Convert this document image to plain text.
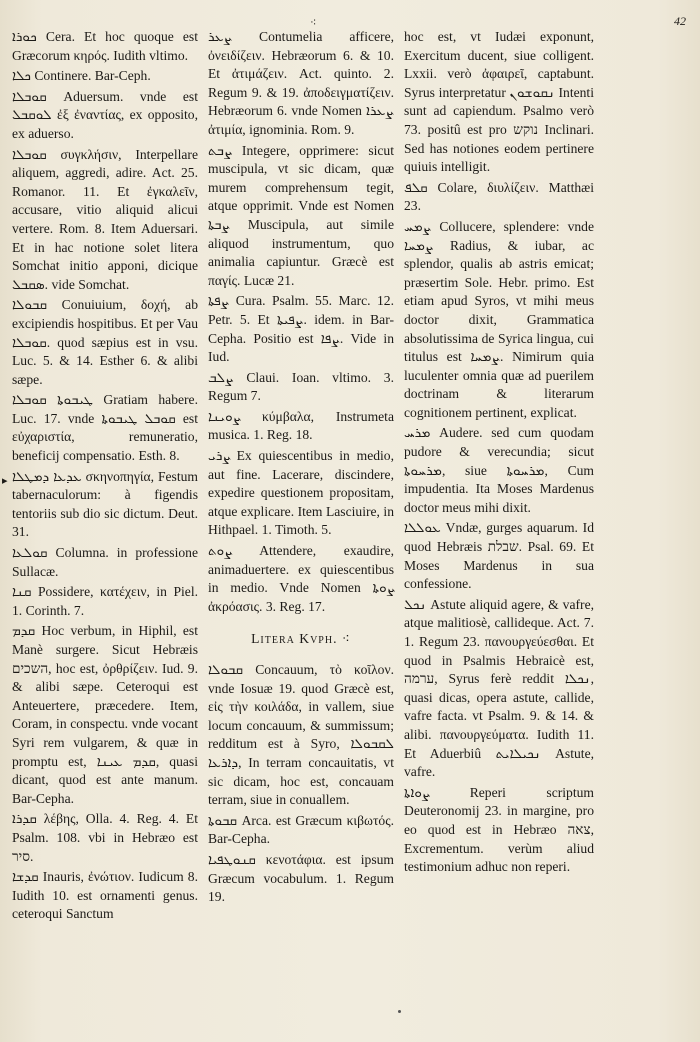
42
⁖
▸

ܟܘܪܐ Cera. Et hoc quoque est Græcorum κηρός. Iudith vltimo.

ܟܠܐ Continere. Bar-Ceph.

ܩܘܒܠܐ Aduersum. vnde est ܠܘܩܒܠ ἐξ ἐναντίας, ex opposito, ex aduerso.

ܩܘܒܠܐ συγκλήσιν, Interpellare aliquem, aggredi, adire. Act. 25. Romanor. 11. Et ἐγκαλεῖν, accusare, vitio aliquid alicui vertere. Rom. 8. Item Aduersari. Et in hac notione solet litera Somchat initio apponi, dicique ܣܩܒܠ. vide Somchat.

ܩܒܘܠܐ Conuiuium, δοχή, ab excipiendis hospitibus. Et per Vau ܩܘܒܠܐ. quod sæpius est in vsu. Luc. 5. & 14. Esther 6. & alibi sæpe.

ܛܝܒܘܬܐ ܩܘܒܠܐ Gratiam habere. Luc. 17. vnde ܩܘܒܠ ܛܝܒܘܬܐ est εὐχαριστία, remuneratio, beneficij compensatio. Esth. 8.

ܥܕܥܐ ܕܡܛܠܐ σκηνοπηγία, Festum tabernaculorum: à figendis tentoriis sub dio sic dictum. Deut. 31.

ܩܘܠܥܐ Columna. in professione Sullacæ.

ܩܢܐ Possidere, κατέχειν, in Piel. 1. Corinth. 7.

ܩܕܡ Hoc verbum, in Hiphil, est Manè surgere. Sicut Hebræis השכים, hoc est, ὀρθρίζειν. Iud. 9. & alibi sæpe. Ceteroqui est Anteuertere, præcedere. Item, Coram, in conspectu. vnde vocant Syri rem vulgarem, & quæ in promptu est, ܩܕܡ ܥܝܢܐ, quasi dicant, quod est ante manum. Bar-Cepha.

ܩܕܪܐ λέβης, Olla. 4. Reg. 4. Et Psalm. 108. vbi in Hebræo est סיר.

ܩܕܫܐ Inauris, ἐνώτιον. Iudicum 8. Iudith 10. est ornamenti genus. ceteroqui Sanctum

ܨܥܪ Contumelia afficere, ὀνειδίζειν. Hebræorum 6. & 10. Et ἀτιμάζειν. Act. quinto. 2. Regum 9. & 19. ἀποδειγματίζειν. Hebræorum 6. vnde Nomen ܨܥܪܐ ἀτιμία, ignominia. Rom. 9.

ܨܒܬ Integere, opprimere: sicut muscipula, vt sic dicam, quæ murem comprehensum tegit, atque opprimit. Vnde est Nomen ܨܒܬܐ Muscipula, aut simile aliquod instrumentum, quo animalia capiuntur. Græcè est παγίς. Lucæ 21.

ܨܦܬܐ Cura. Psalm. 55. Marc. 12. Petr. 5. Et ܨܦܝܬܐ. idem. in Bar-Cepha. Positio est ܨܦܐ. Vide in Iud.

ܨܠܒ Claui. Ioan. vltimo. 3. Regum 7.

ܨܘܝܢܐ κύμβαλα, Instrumeta musica. 1. Reg. 18.

ܨܪܝ Ex quiescentibus in medio, aut fine. Lacerare, discindere, expedire questionem propositam, atque explicare. Item Lasciuire, in Hithpael. 1. Timoth. 5.

ܨܘܬ Attendere, exaudire, animaduertere. ex quiescentibus in medio. Vnde Nomen ܨܘܬܐ ἀκρόασις. 3. Reg. 17.

Litera Kvph. ⁖

ܩܒܘܠܐ Concauum, τὸ κοῖλον. vnde Iosuæ 19. quod Græcè est, εἰς τὴν κοιλάδα, in vallem, siue locum concauum, & summissum; redditum est à Syro, ܠܩܒܘܠܐ ܕܐܪܥܐ, In terram concauitatis, vt sic dicam, hoc est, concauam terram, siue in conuallem.

ܩܒܘܬܐ Arca. est Græcum κιβωτός. Bar-Cepha.

ܩܢܘܛܦܝܐ κενοτάφια. est ipsum Græcum vocabulum. 1. Regum 19.

hoc est, vt Iudæi exponunt, Exercitum ducent, siue colligent. Lxxii. verò ἀφαιρεῖ, captabunt. Syrus interpretatur ܢܩܘܫܘܢ Intenti sunt ad capiendum. Psalmo verò 73. positû est pro נוקש Inclinari. Sed has notiones eodem pertinere quiuis intelligit.

ܩܠܦ Colare, διυλίζειν. Matthæi 23.

ܨܡܚ Collucere, splendere: vnde ܨܡܚܐ Radius, & iubar, ac splendor, qualis ab astris emicat; præsertim Sole. Hebr. primo. Est etiam apud Syros, vt mihi meus doctor dixit, Grammatica absolutissima de Syrica lingua, cui titulus est ܨܡܚܐ. Nimirum quia luculenter omnia quæ ad puerilem doctrinam & literarum cognitionem pertinent, explicat.

ܡܪܚ Audere. sed cum quodam pudore & verecundia; sicut ܡܪܚܘܬܐ, siue ܡܪܚܘܬܐ, Cum impudentia. Ita Moses Mardenus doctor meus mihi dixit.

ܥܘܠܠܐ Vndæ, gurges aquarum. Id quod Hebræis שבלת. Psal. 69. Et Moses Mardenus in sua confessione.

ܢܟܠ Astute aliquid agere, & vafre, atque malitiosè, callideque. Act. 7. 1. Regum 23. πανουργεύεσθαι. Et quod in Psalmis Hebraicè est, ערמה, Syrus ferè reddit ܢܟܠܐ, quasi dicas, opera astute, callide, vafre facta. vt Psalm. 9. & 14. & alibi. πανουργεύματα. Iudith 11. Et Aduerbiû ܢܟܝܠܐܝܬ Astute, vafre.

ܨܘܐܬܐ Reperi scriptum Deuteronomij 23. in margine, pro eo quod est in Hebræo צאה, Excrementum. verùm aliud testimonium adhuc non reperi.
